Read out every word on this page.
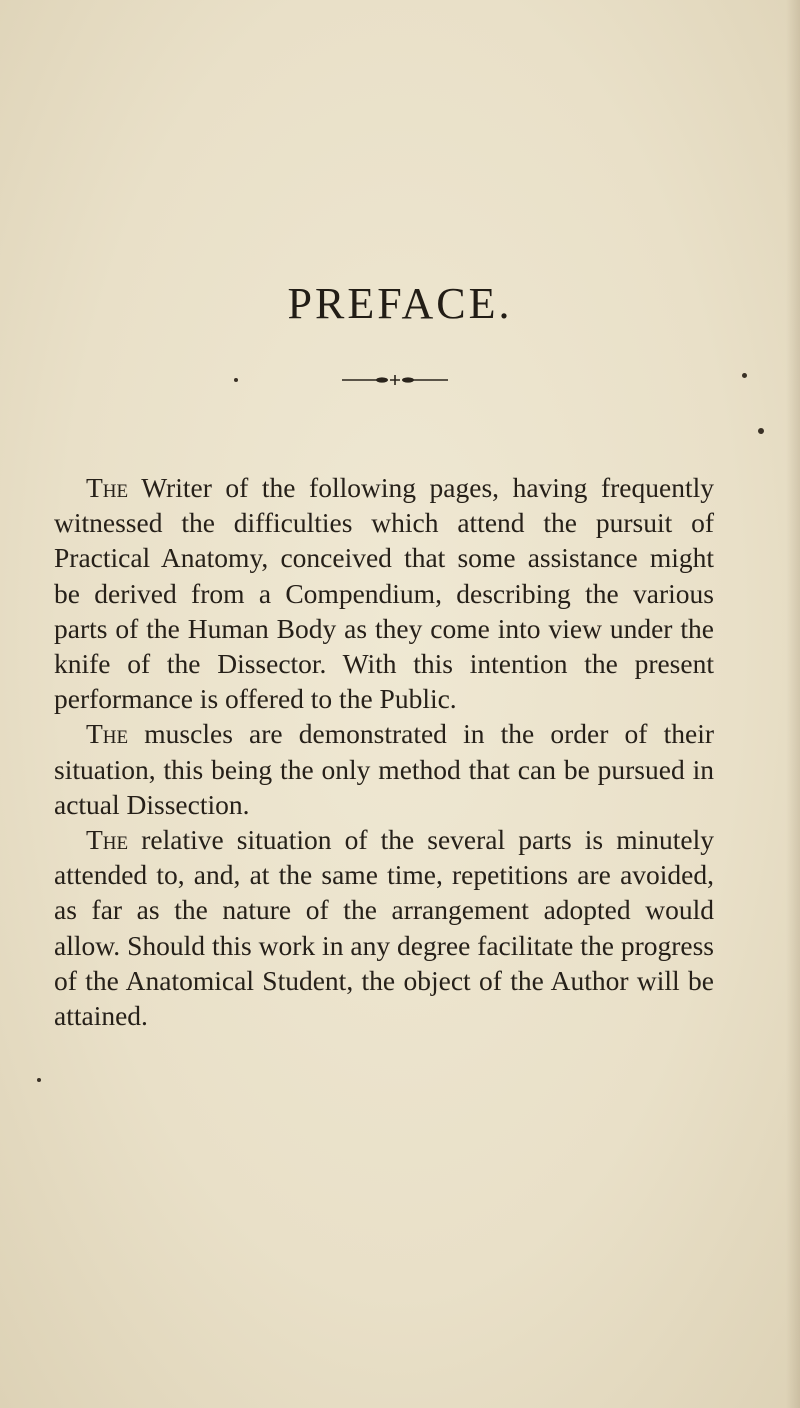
PREFACE.

The Writer of the following pages, having frequently witnessed the difficulties which attend the pursuit of Practical Anatomy, conceived that some assistance might be derived from a Compendium, describing the various parts of the Human Body as they come into view under the knife of the Dissector. With this intention the present performance is offered to the Public.

The muscles are demonstrated in the order of their situation, this being the only method that can be pursued in actual Dissection.

The relative situation of the several parts is minutely attended to, and, at the same time, repetitions are avoided, as far as the nature of the arrangement adopted would allow. Should this work in any degree facilitate the progress of the Anatomical Student, the object of the Author will be attained.
